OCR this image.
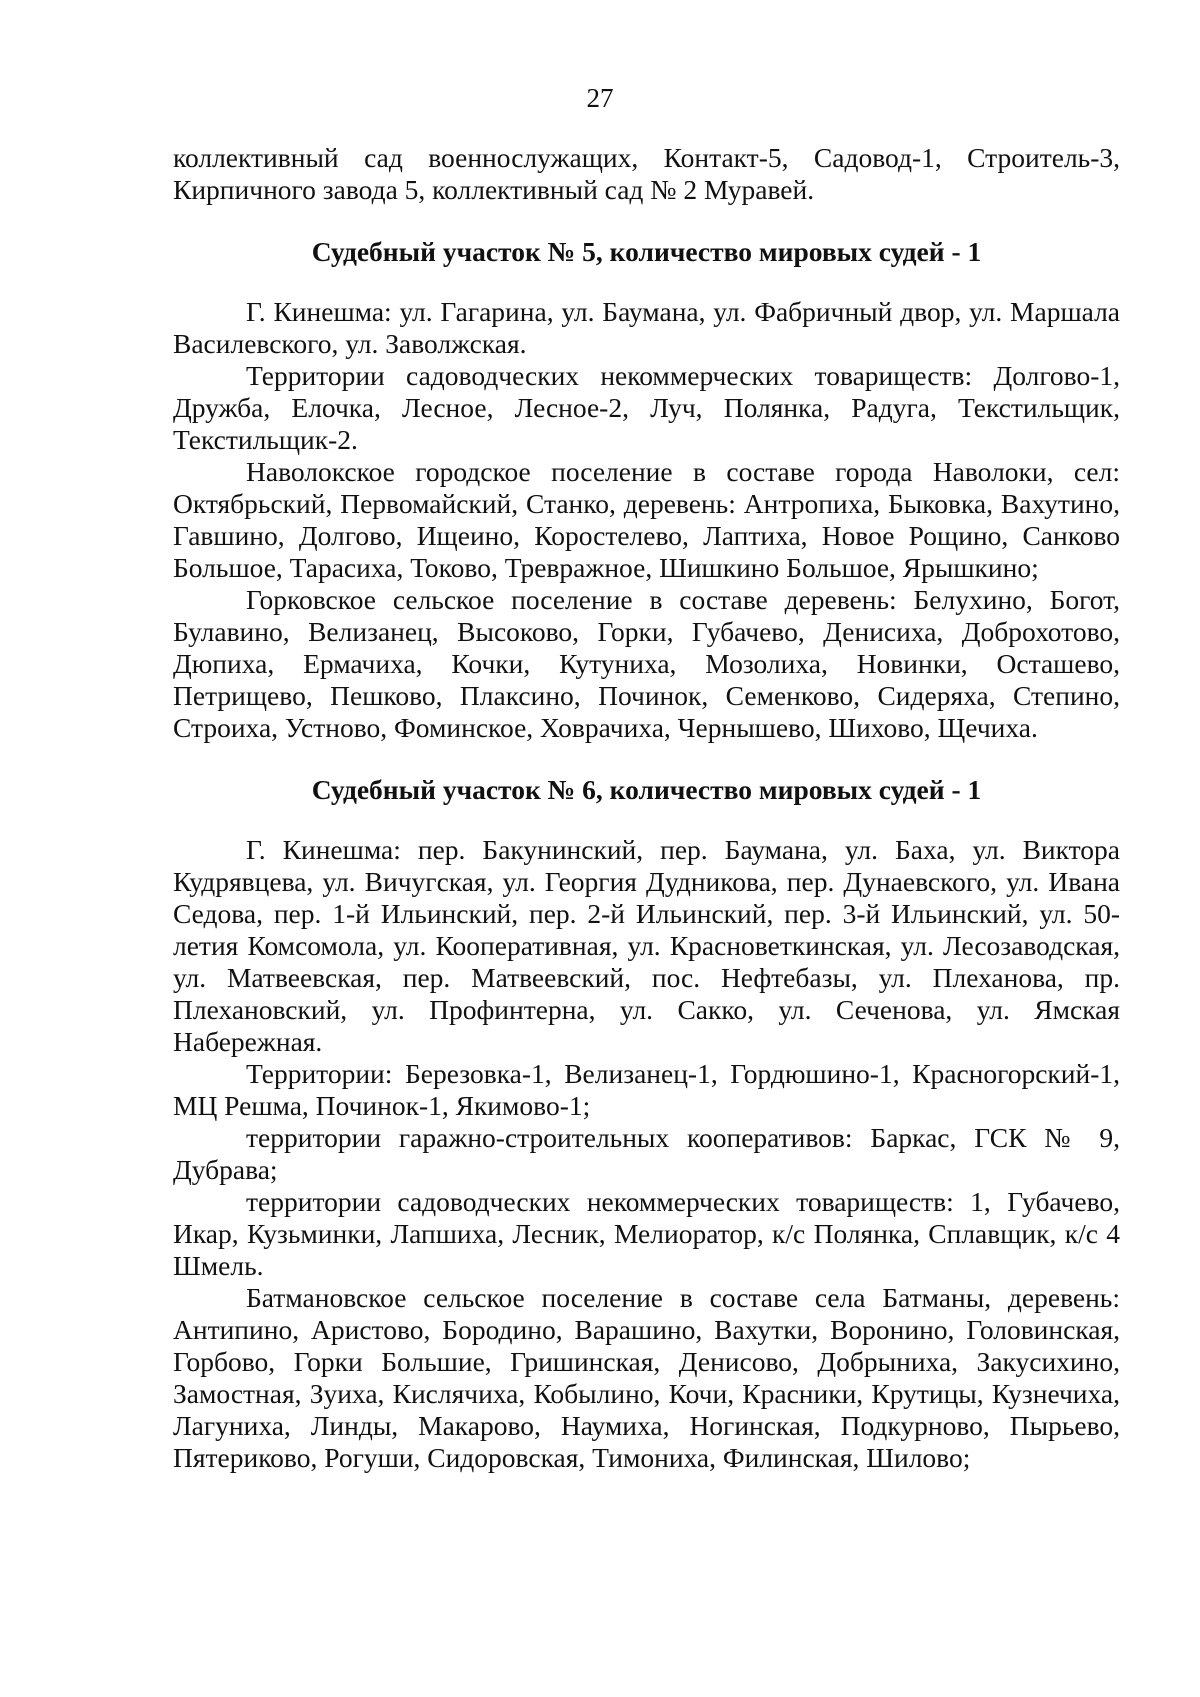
27

коллективный сад военнослужащих, Контакт-5, Садовод-1, Строитель-3, Кирпичного завода 5, коллективный сад № 2 Муравей.

Судебный участок № 5, количество мировых судей - 1

Г. Кинешма: ул. Гагарина, ул. Баумана, ул. Фабричный двор, ул. Маршала Василевского, ул. Заволжская.

Территории садоводческих некоммерческих товариществ: Долгово-1, Дружба, Елочка, Лесное, Лесное-2, Луч, Полянка, Радуга, Текстильщик, Текстильщик-2.

Наволокское городское поселение в составе города Наволоки, сел: Октябрьский, Первомайский, Станко, деревень: Антропиха, Быковка, Вахутино, Гавшино, Долгово, Ищеино, Коростелево, Лаптиха, Новое Рощино, Санково Большое, Тарасиха, Токово, Тревражное, Шишкино Большое, Ярышкино;

Горковское сельское поселение в составе деревень: Белухино, Богот, Булавино, Велизанец, Высоково, Горки, Губачево, Денисиха, Доброхотово, Дюпиха, Ермачиха, Кочки, Кутуниха, Мозолиха, Новинки, Осташево, Петрищево, Пешково, Плаксино, Починок, Семенково, Сидеряха, Степино, Строиха, Устново, Фоминское, Ховрачиха, Чернышево, Шихово, Щечиха.

Судебный участок № 6, количество мировых судей - 1

Г. Кинешма: пер. Бакунинский, пер. Баумана, ул. Баха, ул. Виктора Кудрявцева, ул. Вичугская, ул. Георгия Дудникова, пер. Дунаевского, ул. Ивана Седова, пер. 1-й Ильинский, пер. 2-й Ильинский, пер. 3-й Ильинский, ул. 50-летия Комсомола, ул. Кооперативная, ул. Красноветкинская, ул. Лесозаводская, ул. Матвеевская, пер. Матвеевский, пос. Нефтебазы, ул. Плеханова, пр. Плехановский, ул. Профинтерна, ул. Сакко, ул. Сеченова, ул. Ямская Набережная.

Территории: Березовка-1, Велизанец-1, Гордюшино-1, Красногорский-1, МЦ Решма, Починок-1, Якимово-1;

территории гаражно-строительных кооперативов: Баркас, ГСК № 9, Дубрава;

территории садоводческих некоммерческих товариществ: 1, Губачево, Икар, Кузьминки, Лапшиха, Лесник, Мелиоратор, к/с Полянка, Сплавщик, к/с 4 Шмель.

Батмановское сельское поселение в составе села Батманы, деревень: Антипино, Аристово, Бородино, Варашино, Вахутки, Воронино, Головинская, Горбово, Горки Большие, Гришинская, Денисово, Добрыниха, Закусихино, Замостная, Зуиха, Кислячиха, Кобылино, Кочи, Красники, Крутицы, Кузнечиха, Лагуниха, Линды, Макарово, Наумиха, Ногинская, Подкурново, Пырьево, Пятериково, Рогуши, Сидоровская, Тимониха, Филинская, Шилово;
